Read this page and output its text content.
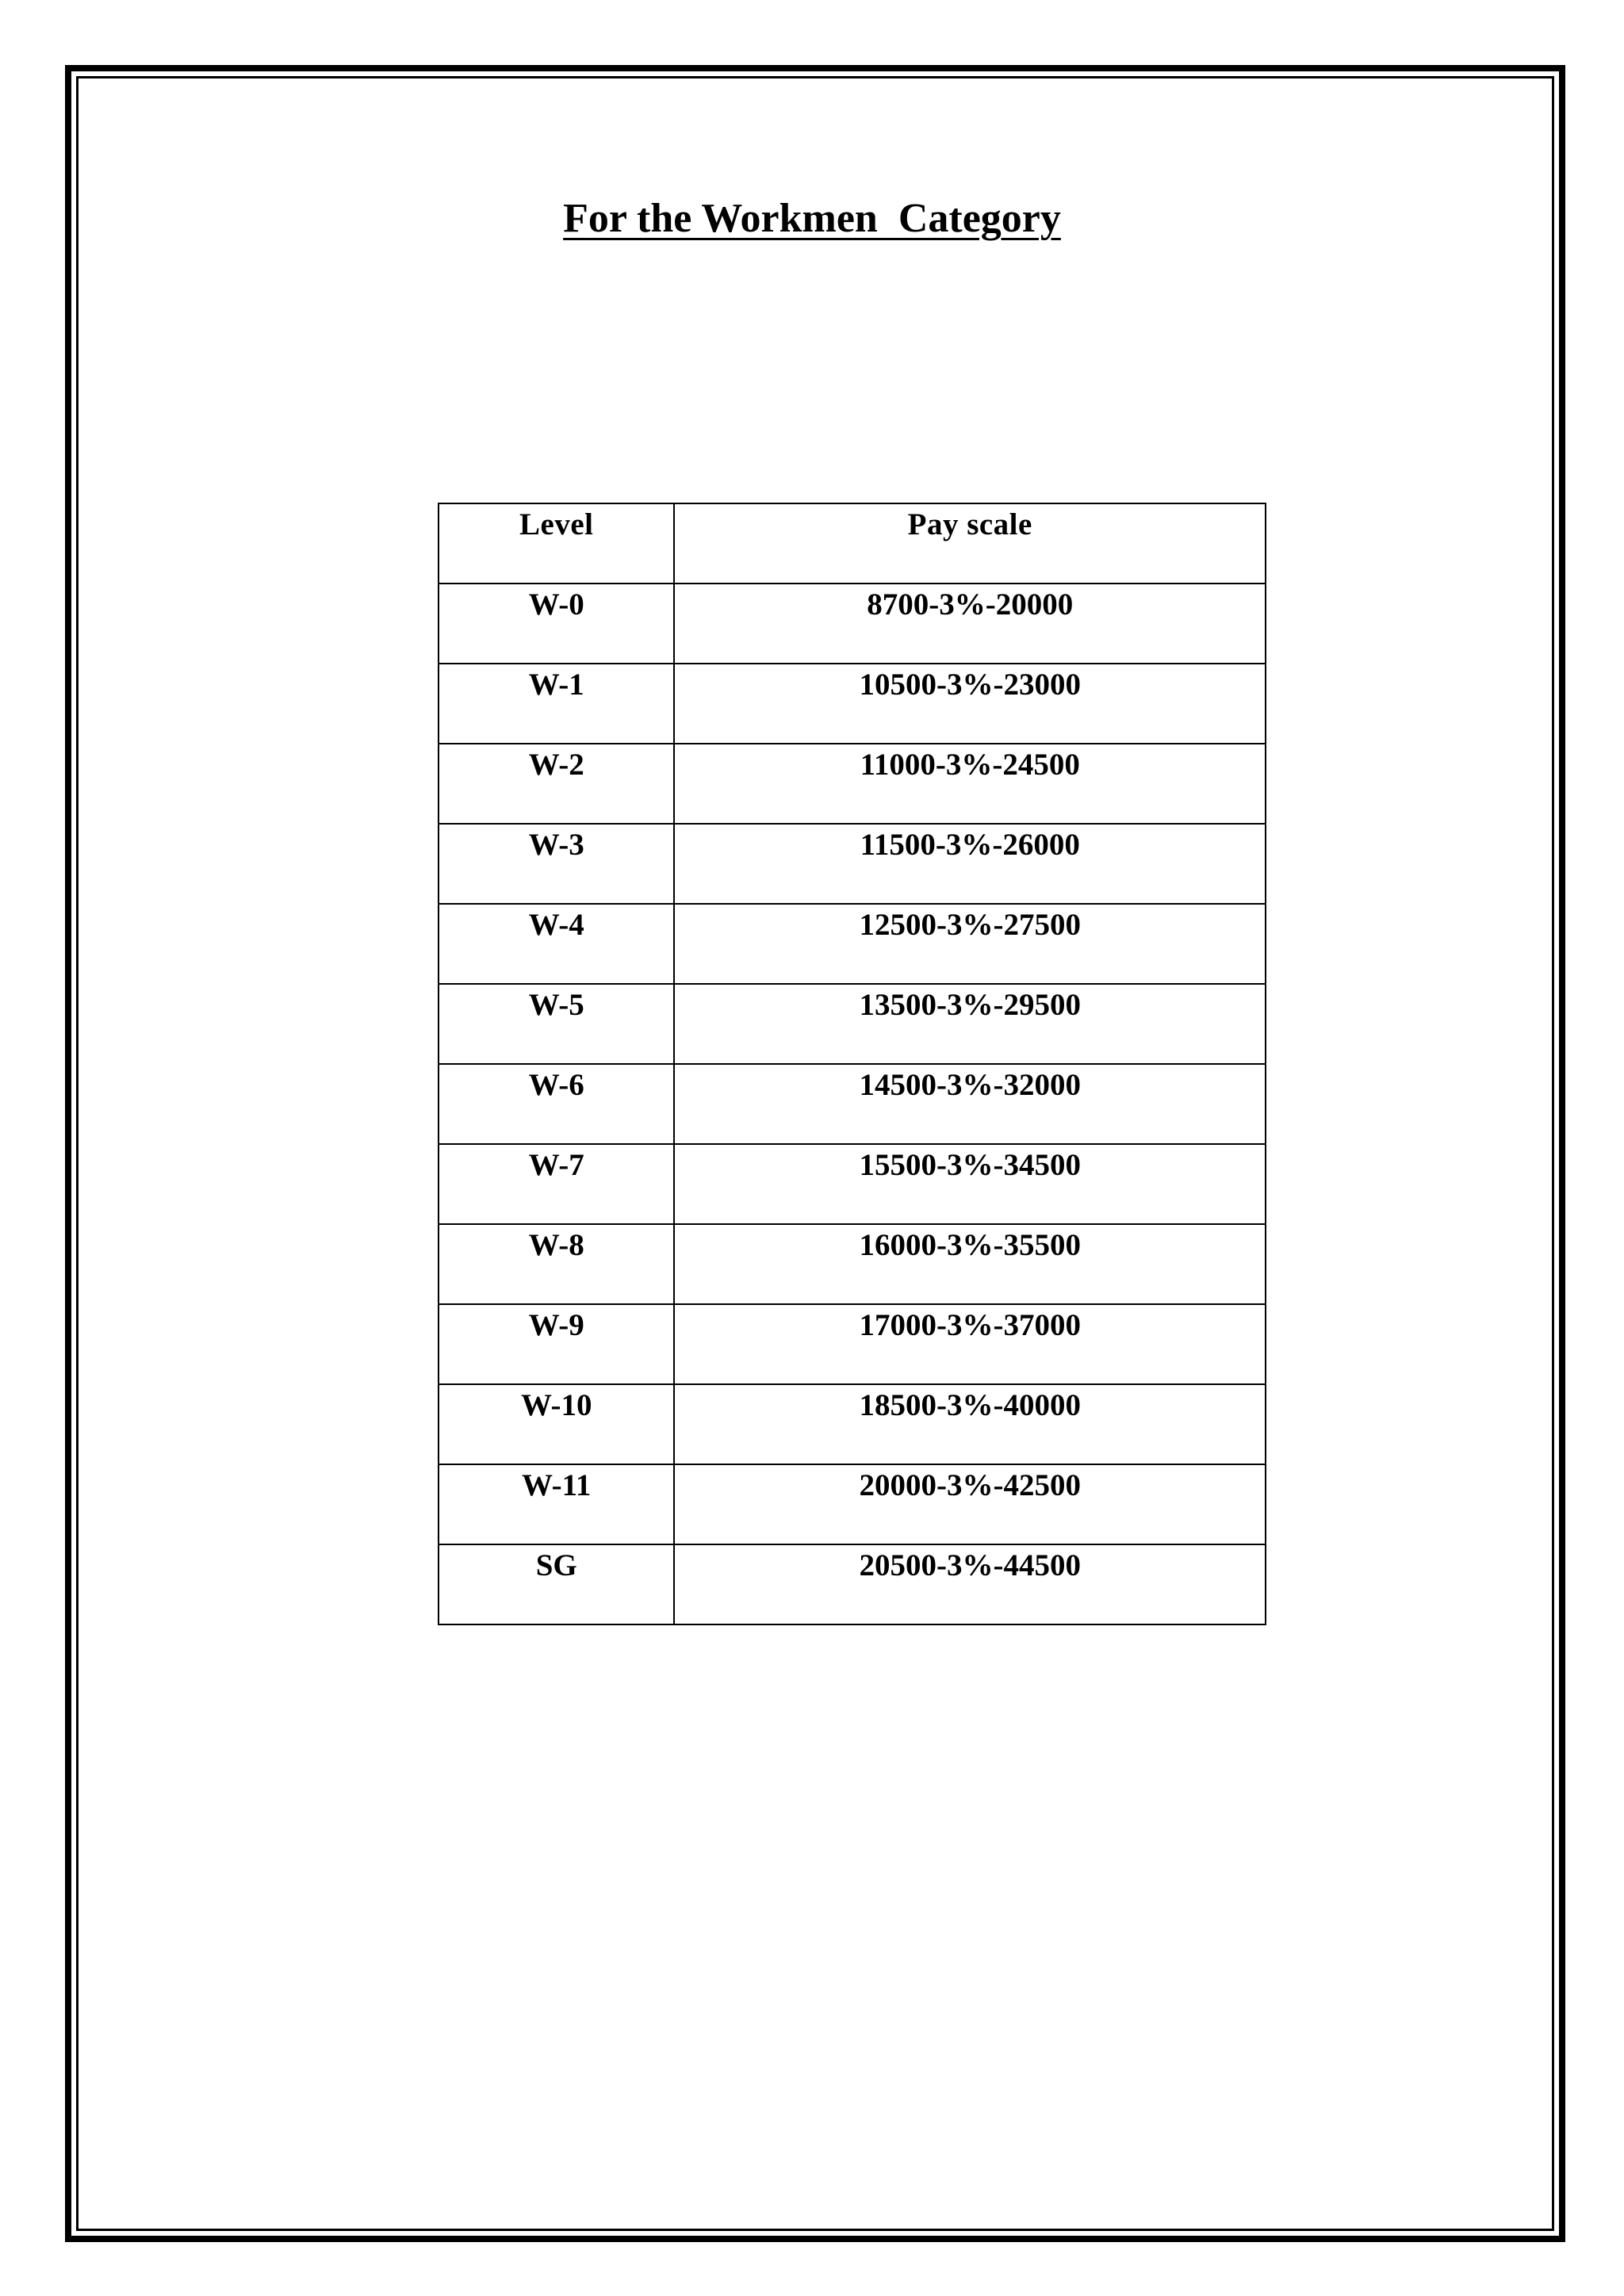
For the Workmen  Category
Level	Pay scale
W-0	8700-3%-20000
W-1	10500-3%-23000
W-2	11000-3%-24500
W-3	11500-3%-26000
W-4	12500-3%-27500
W-5	13500-3%-29500
W-6	14500-3%-32000
W-7	15500-3%-34500
W-8	16000-3%-35500
W-9	17000-3%-37000
W-10	18500-3%-40000
W-11	20000-3%-42500
SG	20500-3%-44500
